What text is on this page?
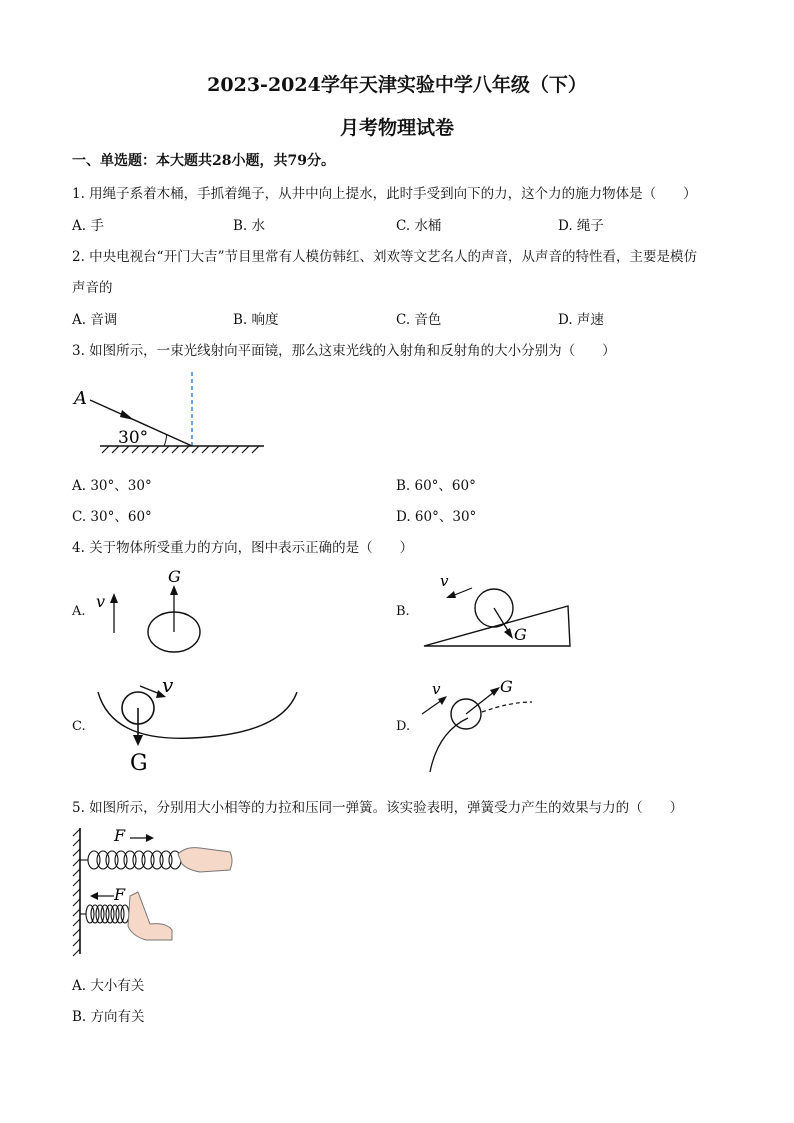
2023-2024学年天津实验中学八年级（下）
月考物理试卷
一、单选题：本大题共28小题，共79分。
1. 用绳子系着木桶，手抓着绳子，从井中向上提水，此时手受到向下的力，这个力的施力物体是（　　）
A. 手	B. 水	C. 水桶	D. 绳子
2. 中央电视台“开门大吉”节目里常有人模仿韩红、刘欢等文艺名人的声音，从声音的特性看，主要是模仿
声音的
A. 音调	B. 响度	C. 音色	D. 声速
3. 如图所示，一束光线射向平面镜，那么这束光线的入射角和反射角的大小分别为（　　）
A
30°
A. 30°、30°	B. 60°、60°
C. 30°、60°	D. 60°、30°
4. 关于物体所受重力的方向，图中表示正确的是（　　）
A.
v
G
B.
G
v
C.
G
v
D.
G
v
5. 如图所示，分别用大小相等的力拉和压同一弹簧。该实验表明，弹簧受力产生的效果与力的（　　）
F
F
A. 大小有关
B. 方向有关
